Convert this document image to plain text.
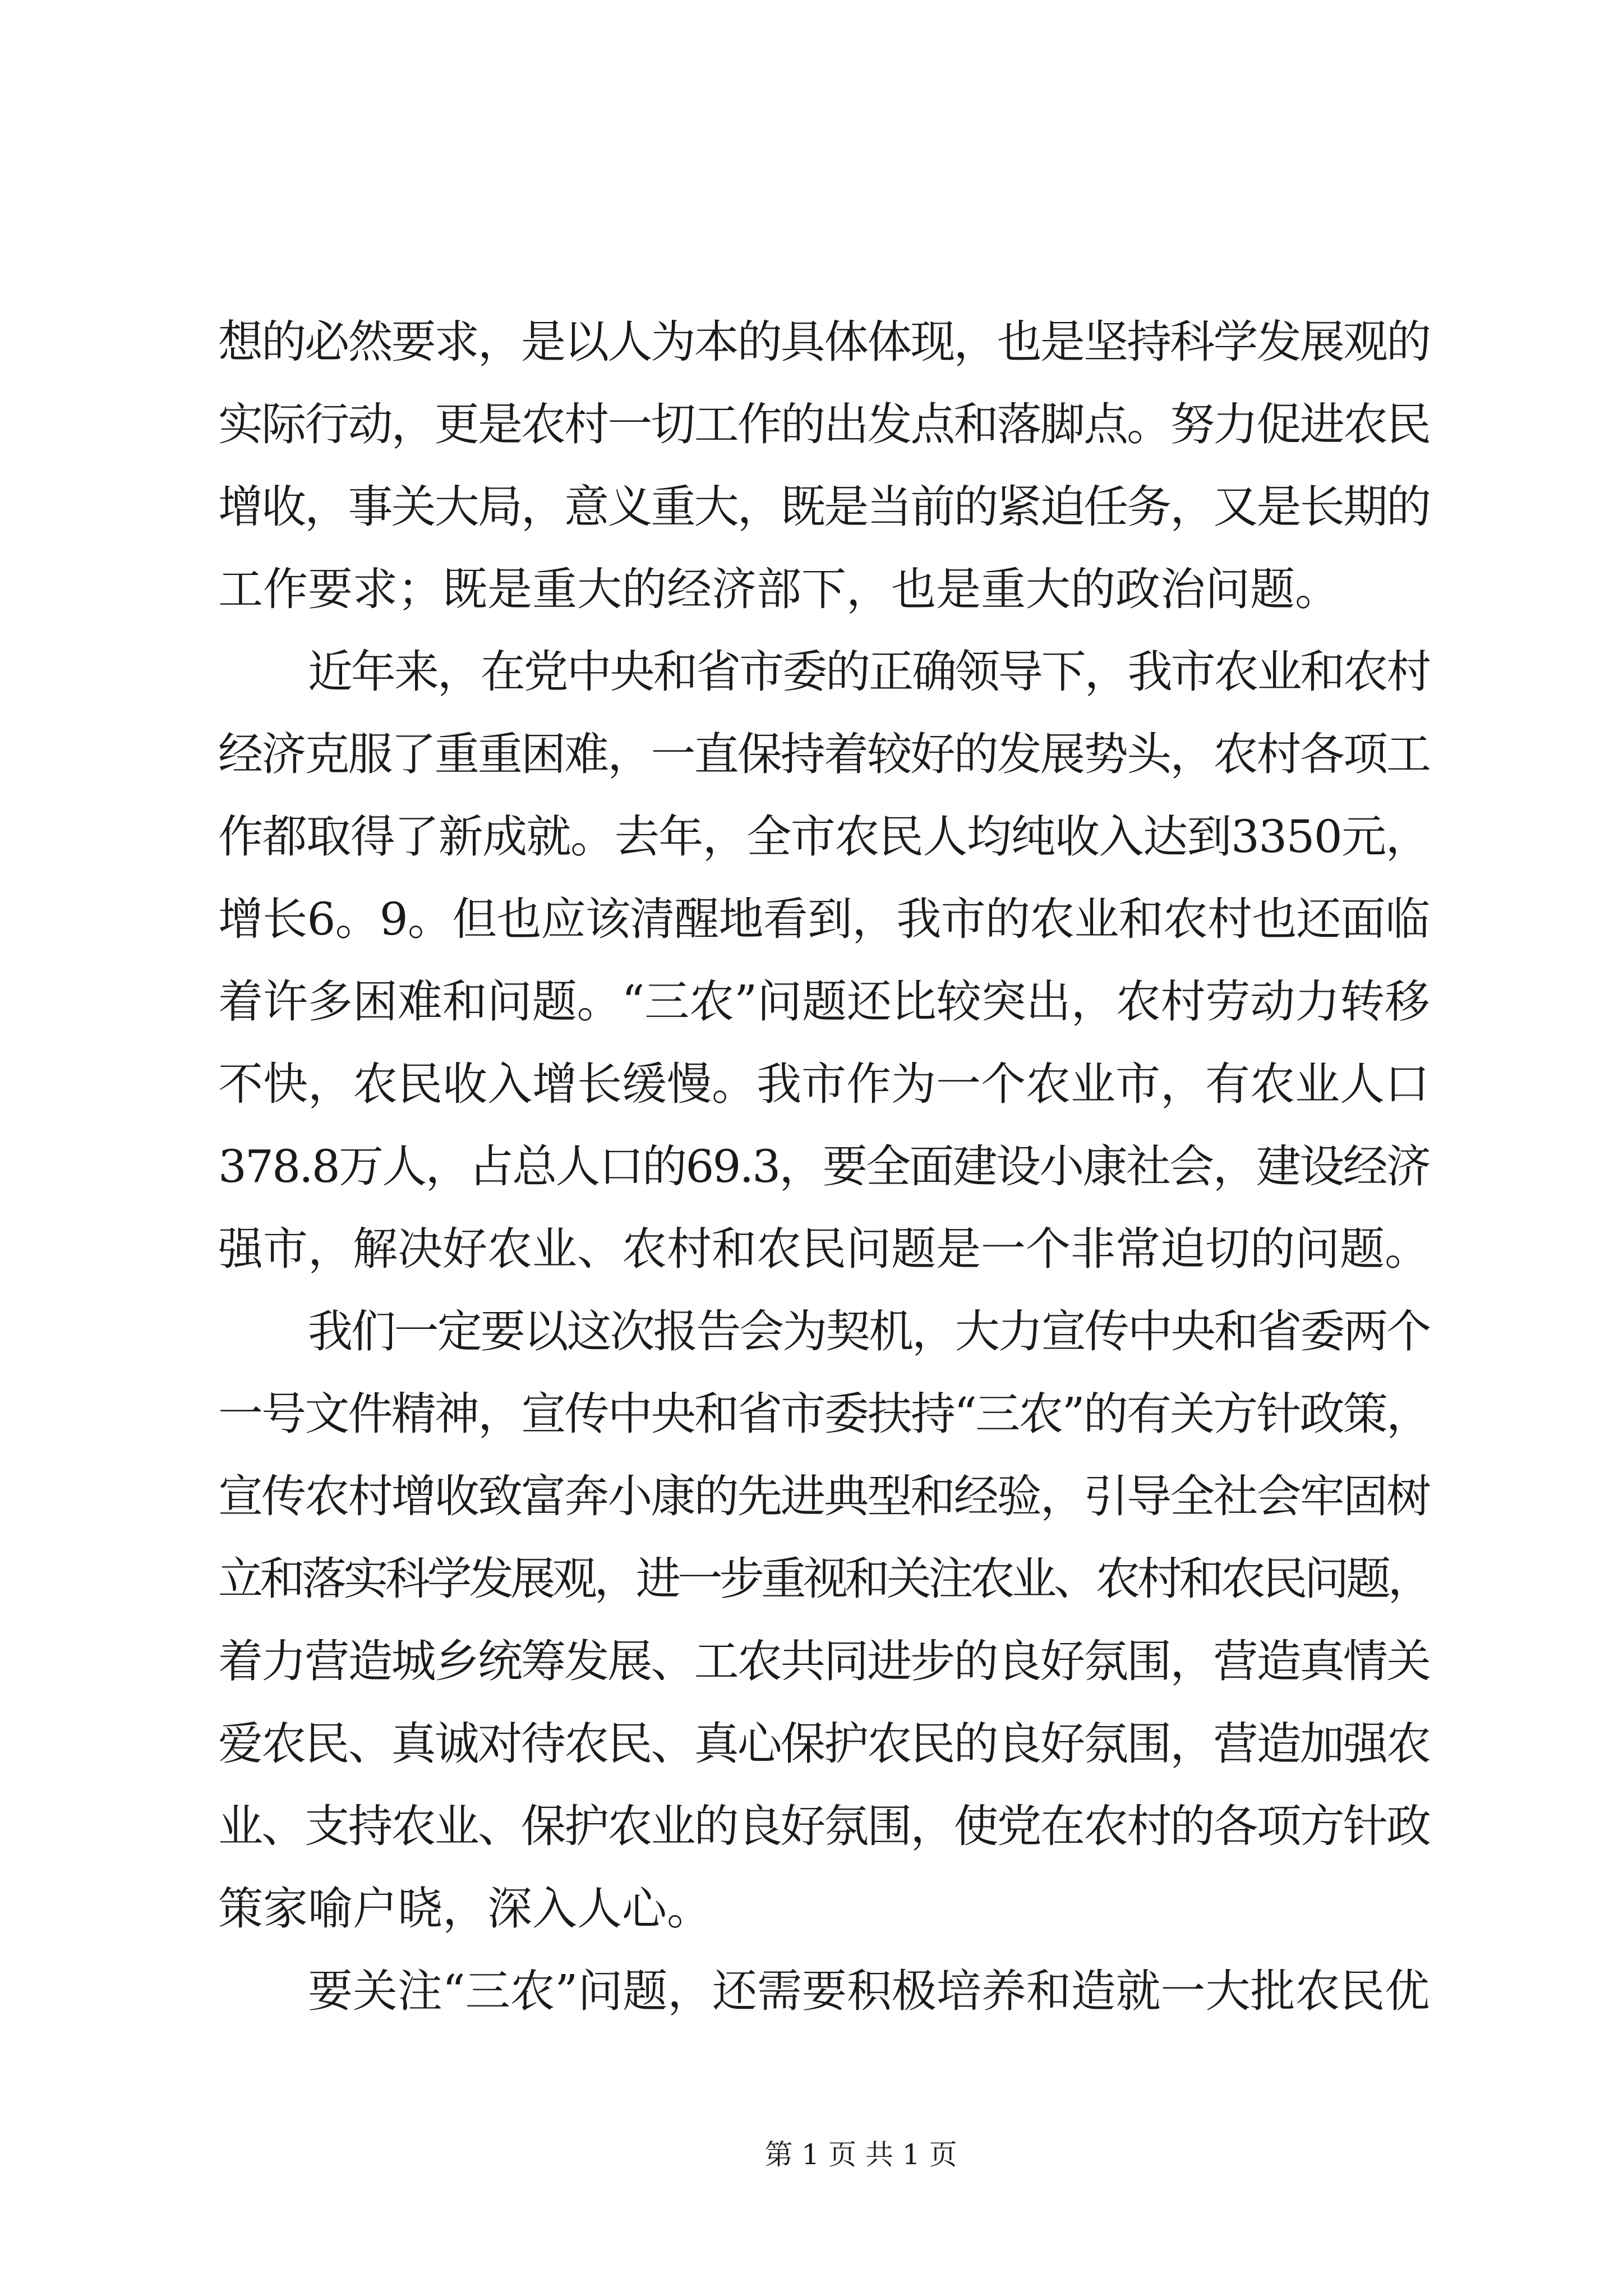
想的必然要求，是以人为本的具体体现，也是坚持科学发展观的
实际行动，更是农村一切工作的出发点和落脚点。努力促进农民
增收，事关大局，意义重大，既是当前的紧迫任务，又是长期的
工作要求；既是重大的经济部下，也是重大的政治问题。
近年来，在党中央和省市委的正确领导下，我市农业和农村
经济克服了重重困难，一直保持着较好的发展势头，农村各项工
作都取得了新成就。去年，全市农民人均纯收入达到3350元，
增长6。9。但也应该清醒地看到，我市的农业和农村也还面临
着许多困难和问题。“三农”问题还比较突出，农村劳动力转移
不快，农民收入增长缓慢。我市作为一个农业市，有农业人口
378.8万人，占总人口的69.3，要全面建设小康社会，建设经济
强市，解决好农业、农村和农民问题是一个非常迫切的问题。
我们一定要以这次报告会为契机，大力宣传中央和省委两个
一号文件精神，宣传中央和省市委扶持“三农”的有关方针政策，
宣传农村增收致富奔小康的先进典型和经验，引导全社会牢固树
立和落实科学发展观，进一步重视和关注农业、农村和农民问题，
着力营造城乡统筹发展、工农共同进步的良好氛围，营造真情关
爱农民、真诚对待农民、真心保护农民的良好氛围，营造加强农
业、支持农业、保护农业的良好氛围，使党在农村的各项方针政
策家喻户晓，深入人心。
要关注“三农”问题，还需要积极培养和造就一大批农民优
第 1 页 共 1 页
